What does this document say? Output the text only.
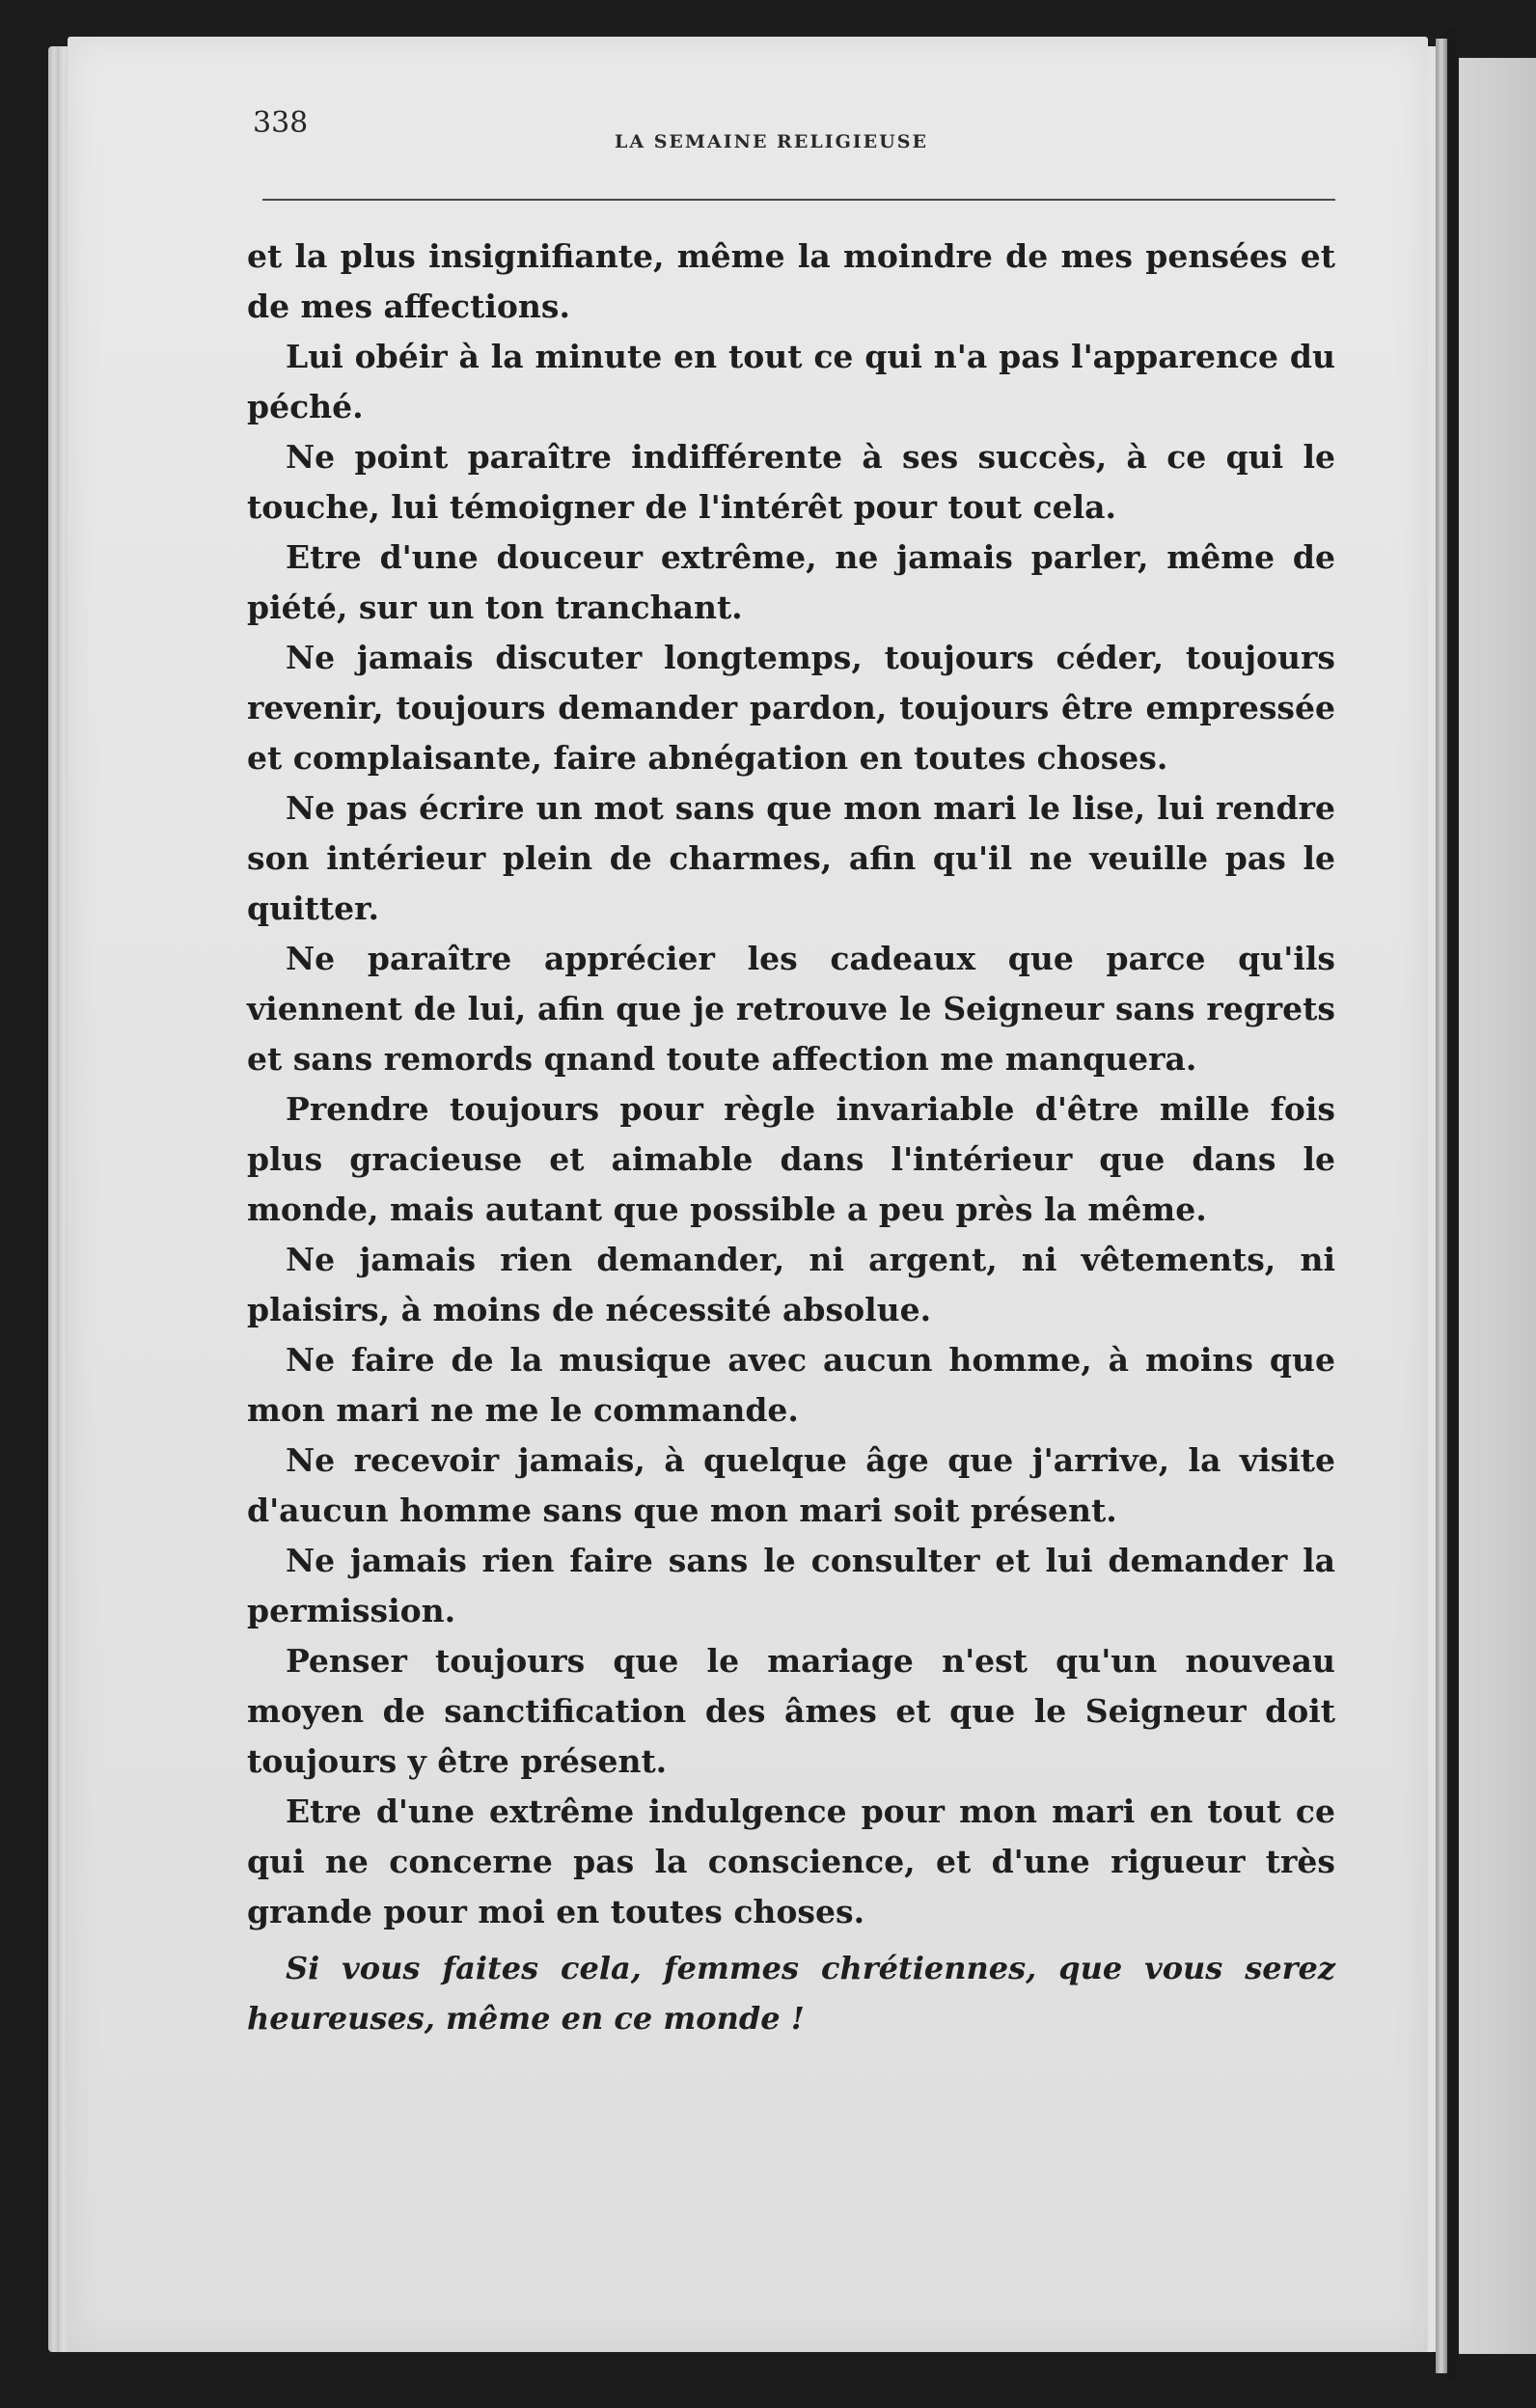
338
LA SEMAINE RELIGIEUSE

et la plus insignifiante, même la moindre de mes pensées et de mes affections.

Lui obéir à la minute en tout ce qui n'a pas l'apparence du péché.

Ne point paraître indifférente à ses succès, à ce qui le touche, lui témoigner de l'intérêt pour tout cela.

Etre d'une douceur extrême, ne jamais parler, même de piété, sur un ton tranchant.

Ne jamais discuter longtemps, toujours céder, toujours revenir, toujours demander pardon, toujours être empressée et complaisante, faire abnégation en toutes choses.

Ne pas écrire un mot sans que mon mari le lise, lui rendre son intérieur plein de charmes, afin qu'il ne veuille pas le quitter.

Ne paraître apprécier les cadeaux que parce qu'ils viennent de lui, afin que je retrouve le Seigneur sans regrets et sans remords qnand toute affection me manquera.

Prendre toujours pour règle invariable d'être mille fois plus gracieuse et aimable dans l'intérieur que dans le monde, mais autant que possible a peu près la même.

Ne jamais rien demander, ni argent, ni vêtements, ni plaisirs, à moins de nécessité absolue.

Ne faire de la musique avec aucun homme, à moins que mon mari ne me le commande.

Ne recevoir jamais, à quelque âge que j'arrive, la visite d'aucun homme sans que mon mari soit présent.

Ne jamais rien faire sans le consulter et lui demander la permission.

Penser toujours que le mariage n'est qu'un nouveau moyen de sanctification des âmes et que le Seigneur doit toujours y être présent.

Etre d'une extrême indulgence pour mon mari en tout ce qui ne concerne pas la conscience, et d'une rigueur très grande pour moi en toutes choses.

Si vous faites cela, femmes chrétiennes, que vous serez heureuses, même en ce monde !
